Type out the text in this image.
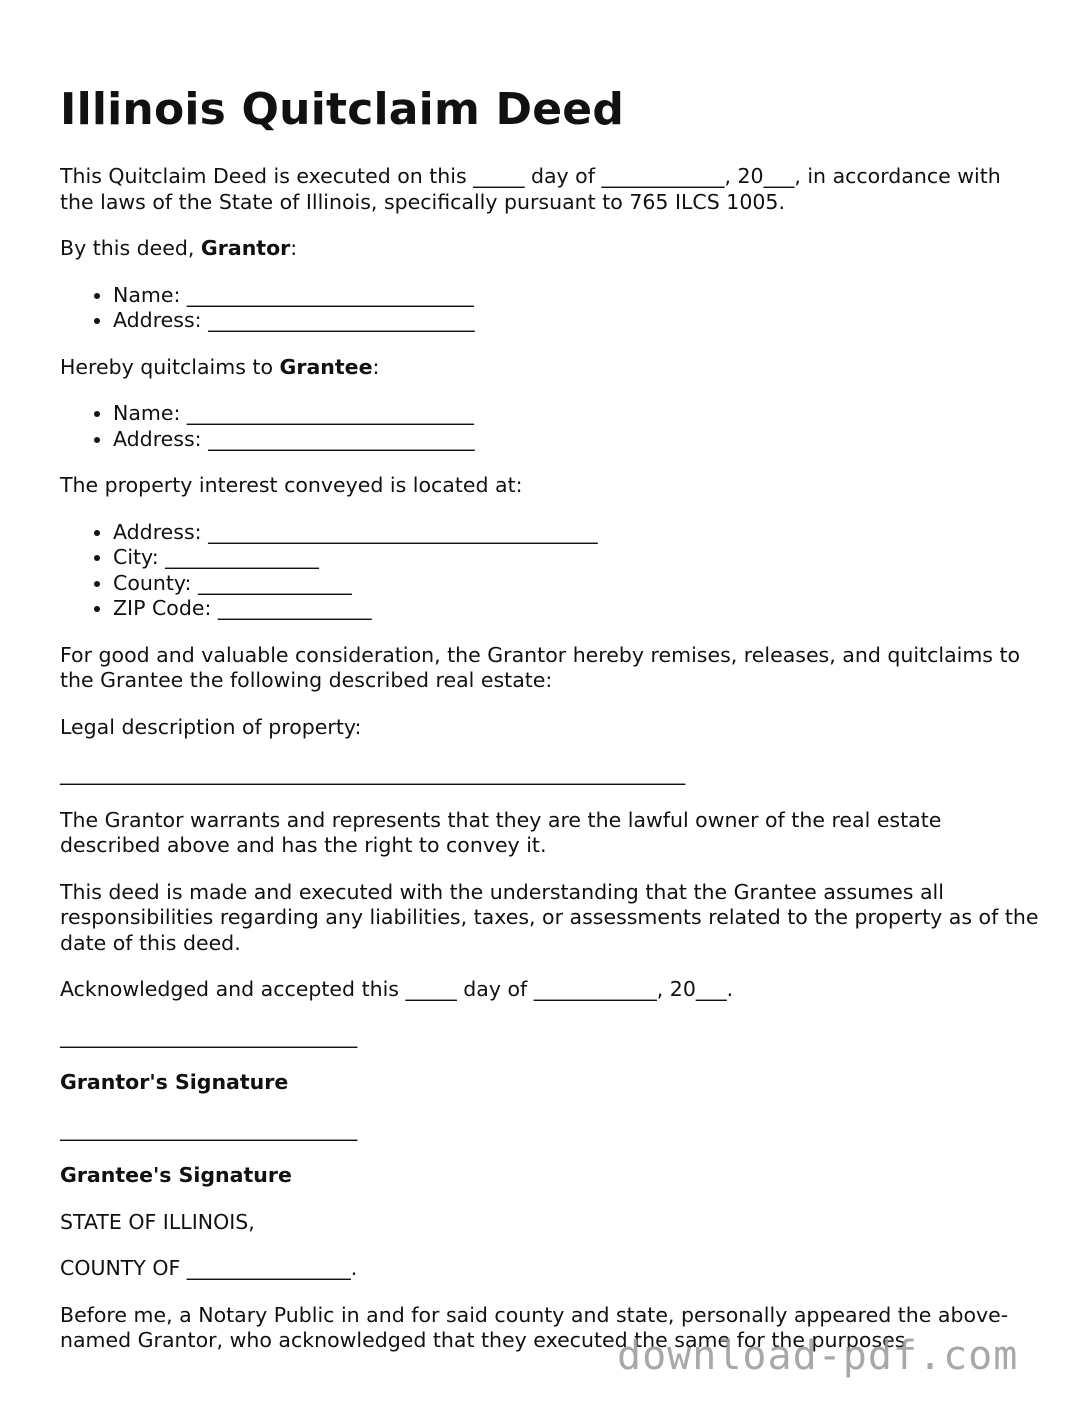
Illinois Quitclaim Deed

This Quitclaim Deed is executed on this _____ day of ____________, 20___, in accordance with the laws of the State of Illinois, specifically pursuant to 765 ILCS 1005.

By this deed, Grantor:

• Name: ____________________________
• Address: __________________________

Hereby quitclaims to Grantee:

• Name: ____________________________
• Address: __________________________

The property interest conveyed is located at:

• Address: ______________________________________
• City: _______________
• County: _______________
• ZIP Code: _______________

For good and valuable consideration, the Grantor hereby remises, releases, and quitclaims to the Grantee the following described real estate:

Legal description of property:

_____________________________________________________________

The Grantor warrants and represents that they are the lawful owner of the real estate described above and has the right to convey it.

This deed is made and executed with the understanding that the Grantee assumes all responsibilities regarding any liabilities, taxes, or assessments related to the property as of the date of this deed.

Acknowledged and accepted this _____ day of ____________, 20___.

_____________________________

Grantor's Signature

_____________________________

Grantee's Signature

STATE OF ILLINOIS,

COUNTY OF ________________.

Before me, a Notary Public in and for said county and state, personally appeared the above-named Grantor, who acknowledged that they executed the same for the purposes

download-pdf.com
